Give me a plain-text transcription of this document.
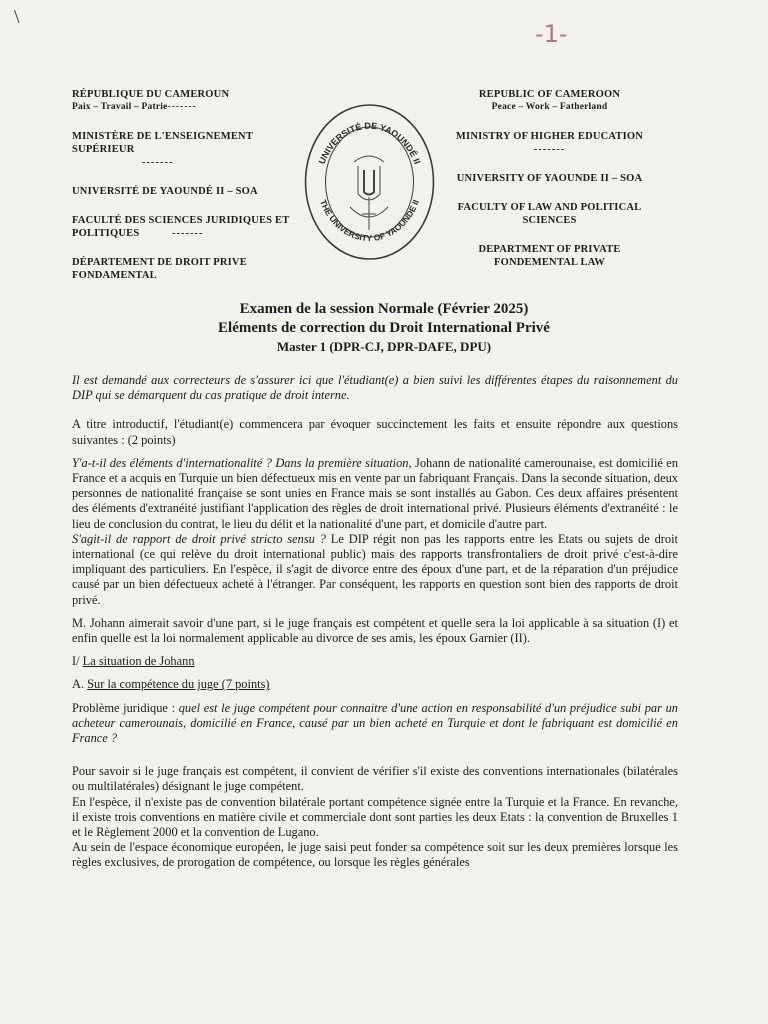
\
-1-
RÉPUBLIQUE DU CAMEROUN
Paix – Travail – Patrie-------
MINISTÈRE DE L'ENSEIGNEMENT SUPÉRIEUR
-------
UNIVERSITÉ DE YAOUNDÉ II – SOA
FACULTÉ DES SCIENCES JURIDIQUES ET POLITIQUES	-------
DÉPARTEMENT DE DROIT PRIVE FONDAMENTAL
UNIVERSITÉ DE YAOUNDÉ II
THE UNIVERSITY OF YAOUNDE II
REPUBLIC OF CAMEROON
Peace – Work – Fatherland
MINISTRY OF HIGHER EDUCATION
-------
UNIVERSITY OF YAOUNDE II – SOA
FACULTY OF LAW AND POLITICAL SCIENCES
DEPARTMENT OF PRIVATE FONDEMENTAL LAW
Examen de la session Normale (Février 2025)
Eléments de correction du Droit International Privé
Master 1 (DPR-CJ, DPR-DAFE, DPU)

Il est demandé aux correcteurs de s'assurer ici que l'étudiant(e) a bien suivi les différentes étapes du raisonnement du DIP qui se démarquent du cas pratique de droit interne.

A titre introductif, l'étudiant(e) commencera par évoquer succinctement les faits et ensuite répondre aux questions suivantes : (2 points)

Y'a-t-il des éléments d'internationalité ? Dans la première situation, Johann de nationalité camerounaise, est domicilié en France et a acquis en Turquie un bien défectueux mis en vente par un fabriquant Français. Dans la seconde situation, deux personnes de nationalité française se sont unies en France mais se sont installés au Gabon. Ces deux affaires présentent des éléments d'extranéité justifiant l'application des règles de droit international privé. Plusieurs éléments d'extranéité : le lieu de conclusion du contrat, le lieu du délit et la nationalité d'une part, et domicile d'autre part.

S'agit-il de rapport de droit privé stricto sensu ? Le DIP régit non pas les rapports entre les Etats ou sujets de droit international (ce qui relève du droit international public) mais des rapports transfrontaliers de droit privé c'est-à-dire impliquant des particuliers. En l'espèce, il s'agit de divorce entre des époux d'une part, et de la réparation d'un préjudice causé par un bien défectueux acheté à l'étranger. Par conséquent, les rapports en question sont bien des rapports de droit privé.

M. Johann aimerait savoir d'une part, si le juge français est compétent et quelle sera la loi applicable à sa situation (I) et enfin quelle est la loi normalement applicable au divorce de ses amis, les époux Garnier (II).

I/ La situation de Johann

A. Sur la compétence du juge (7 points)

Problème juridique : quel est le juge compétent pour connaitre d'une action en responsabilité d'un préjudice subi par un acheteur camerounais, domicilié en France, causé par un bien acheté en Turquie et dont le fabriquant est domicilié en France ?

Pour savoir si le juge français est compétent, il convient de vérifier s'il existe des conventions internationales (bilatérales ou multilatérales) désignant le juge compétent.

En l'espèce, il n'existe pas de convention bilatérale portant compétence signée entre la Turquie et la France. En revanche, il existe trois conventions en matière civile et commerciale dont sont parties les deux Etats : la convention de Bruxelles 1 et le Règlement 2000 et la convention de Lugano.

Au sein de l'espace économique européen, le juge saisi peut fonder sa compétence soit sur les deux premières lorsque les règles exclusives, de prorogation de compétence, ou lorsque les règles générales
